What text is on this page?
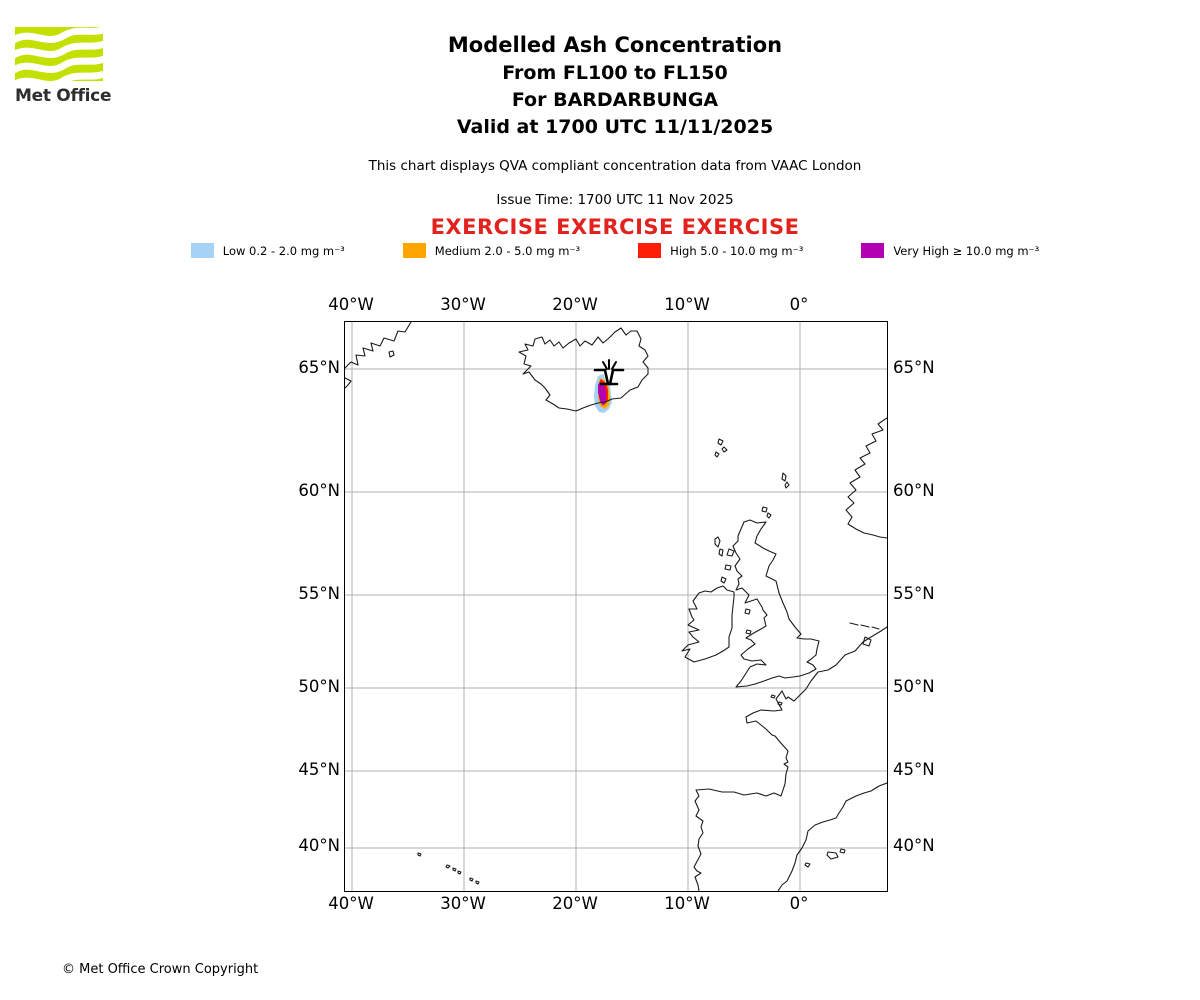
Met Office
Modelled Ash Concentration
From FL100 to FL150
For BARDARBUNGA
Valid at 1700 UTC 11/11/2025
This chart displays QVA compliant concentration data from VAAC London
Issue Time: 1700 UTC 11 Nov 2025
EXERCISE EXERCISE EXERCISE
Low 0.2 - 2.0 mg m⁻³	Medium 2.0 - 5.0 mg m⁻³	High 5.0 - 10.0 mg m⁻³	Very High ≥ 10.0 mg m⁻³
40°W	30°W	20°W	10°W	0°
40°W	30°W	20°W	10°W	0°
65°N
60°N
55°N
50°N
45°N
40°N
65°N
60°N
55°N
50°N
45°N
40°N
© Met Office Crown Copyright
